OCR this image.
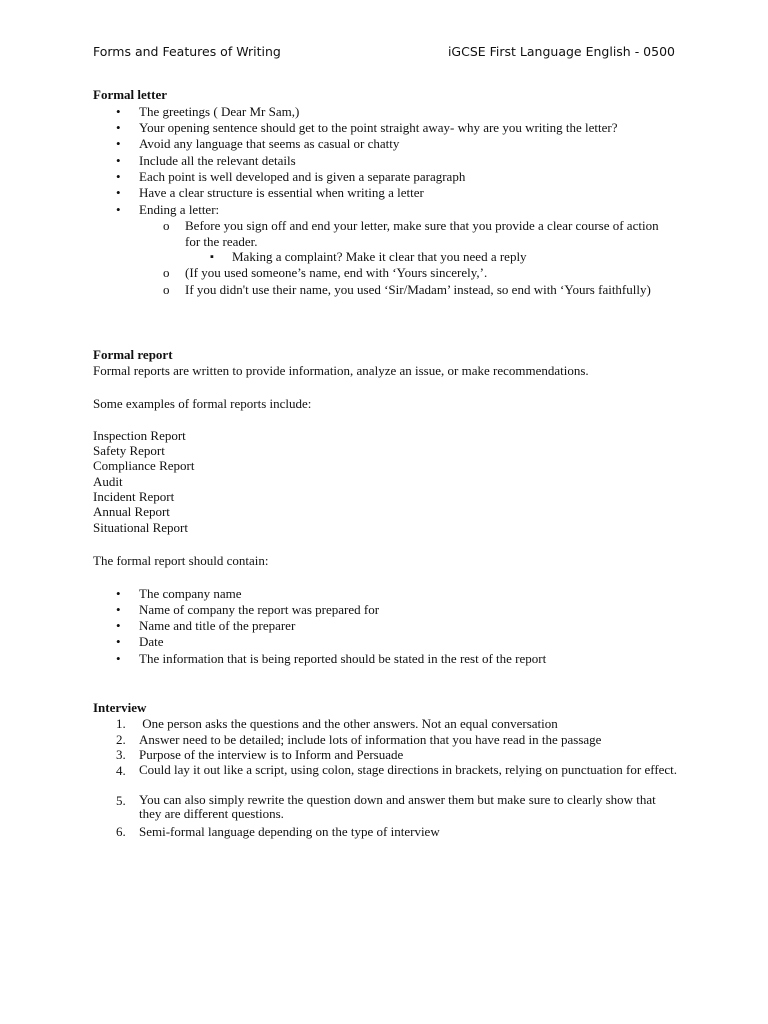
Forms and Features of Writing	iGCSE First Language English - 0500
Formal letter
• The greetings ( Dear Mr Sam,)
• Your opening sentence should get to the point straight away- why are you writing the letter?
• Avoid any language that seems as casual or chatty
• Include all the relevant details
• Each point is well developed and is given a separate paragraph
• Have a clear structure is essential when writing a letter
• Ending a letter:
o Before you sign off and end your letter, make sure that you provide a clear course of action for the reader.
▪ Making a complaint? Make it clear that you need a reply
o (If you used someone’s name, end with ‘Yours sincerely,’.
o If you didn't use their name, you used ‘Sir/Madam’ instead, so end with ‘Yours faithfully)
Formal report
Formal reports are written to provide information, analyze an issue, or make recommendations.
Some examples of formal reports include:
Inspection Report
Safety Report
Compliance Report
Audit
Incident Report
Annual Report
Situational Report
The formal report should contain:
• The company name
• Name of company the report was prepared for
• Name and title of the preparer
• Date
• The information that is being reported should be stated in the rest of the report
Interview
1. One person asks the questions and the other answers. Not an equal conversation
2. Answer need to be detailed; include lots of information that you have read in the passage
3. Purpose of the interview is to Inform and Persuade
4. Could lay it out like a script, using colon, stage directions in brackets, relying on punctuation for effect.
5. You can also simply rewrite the question down and answer them but make sure to clearly show that they are different questions.
6. Semi-formal language depending on the type of interview
